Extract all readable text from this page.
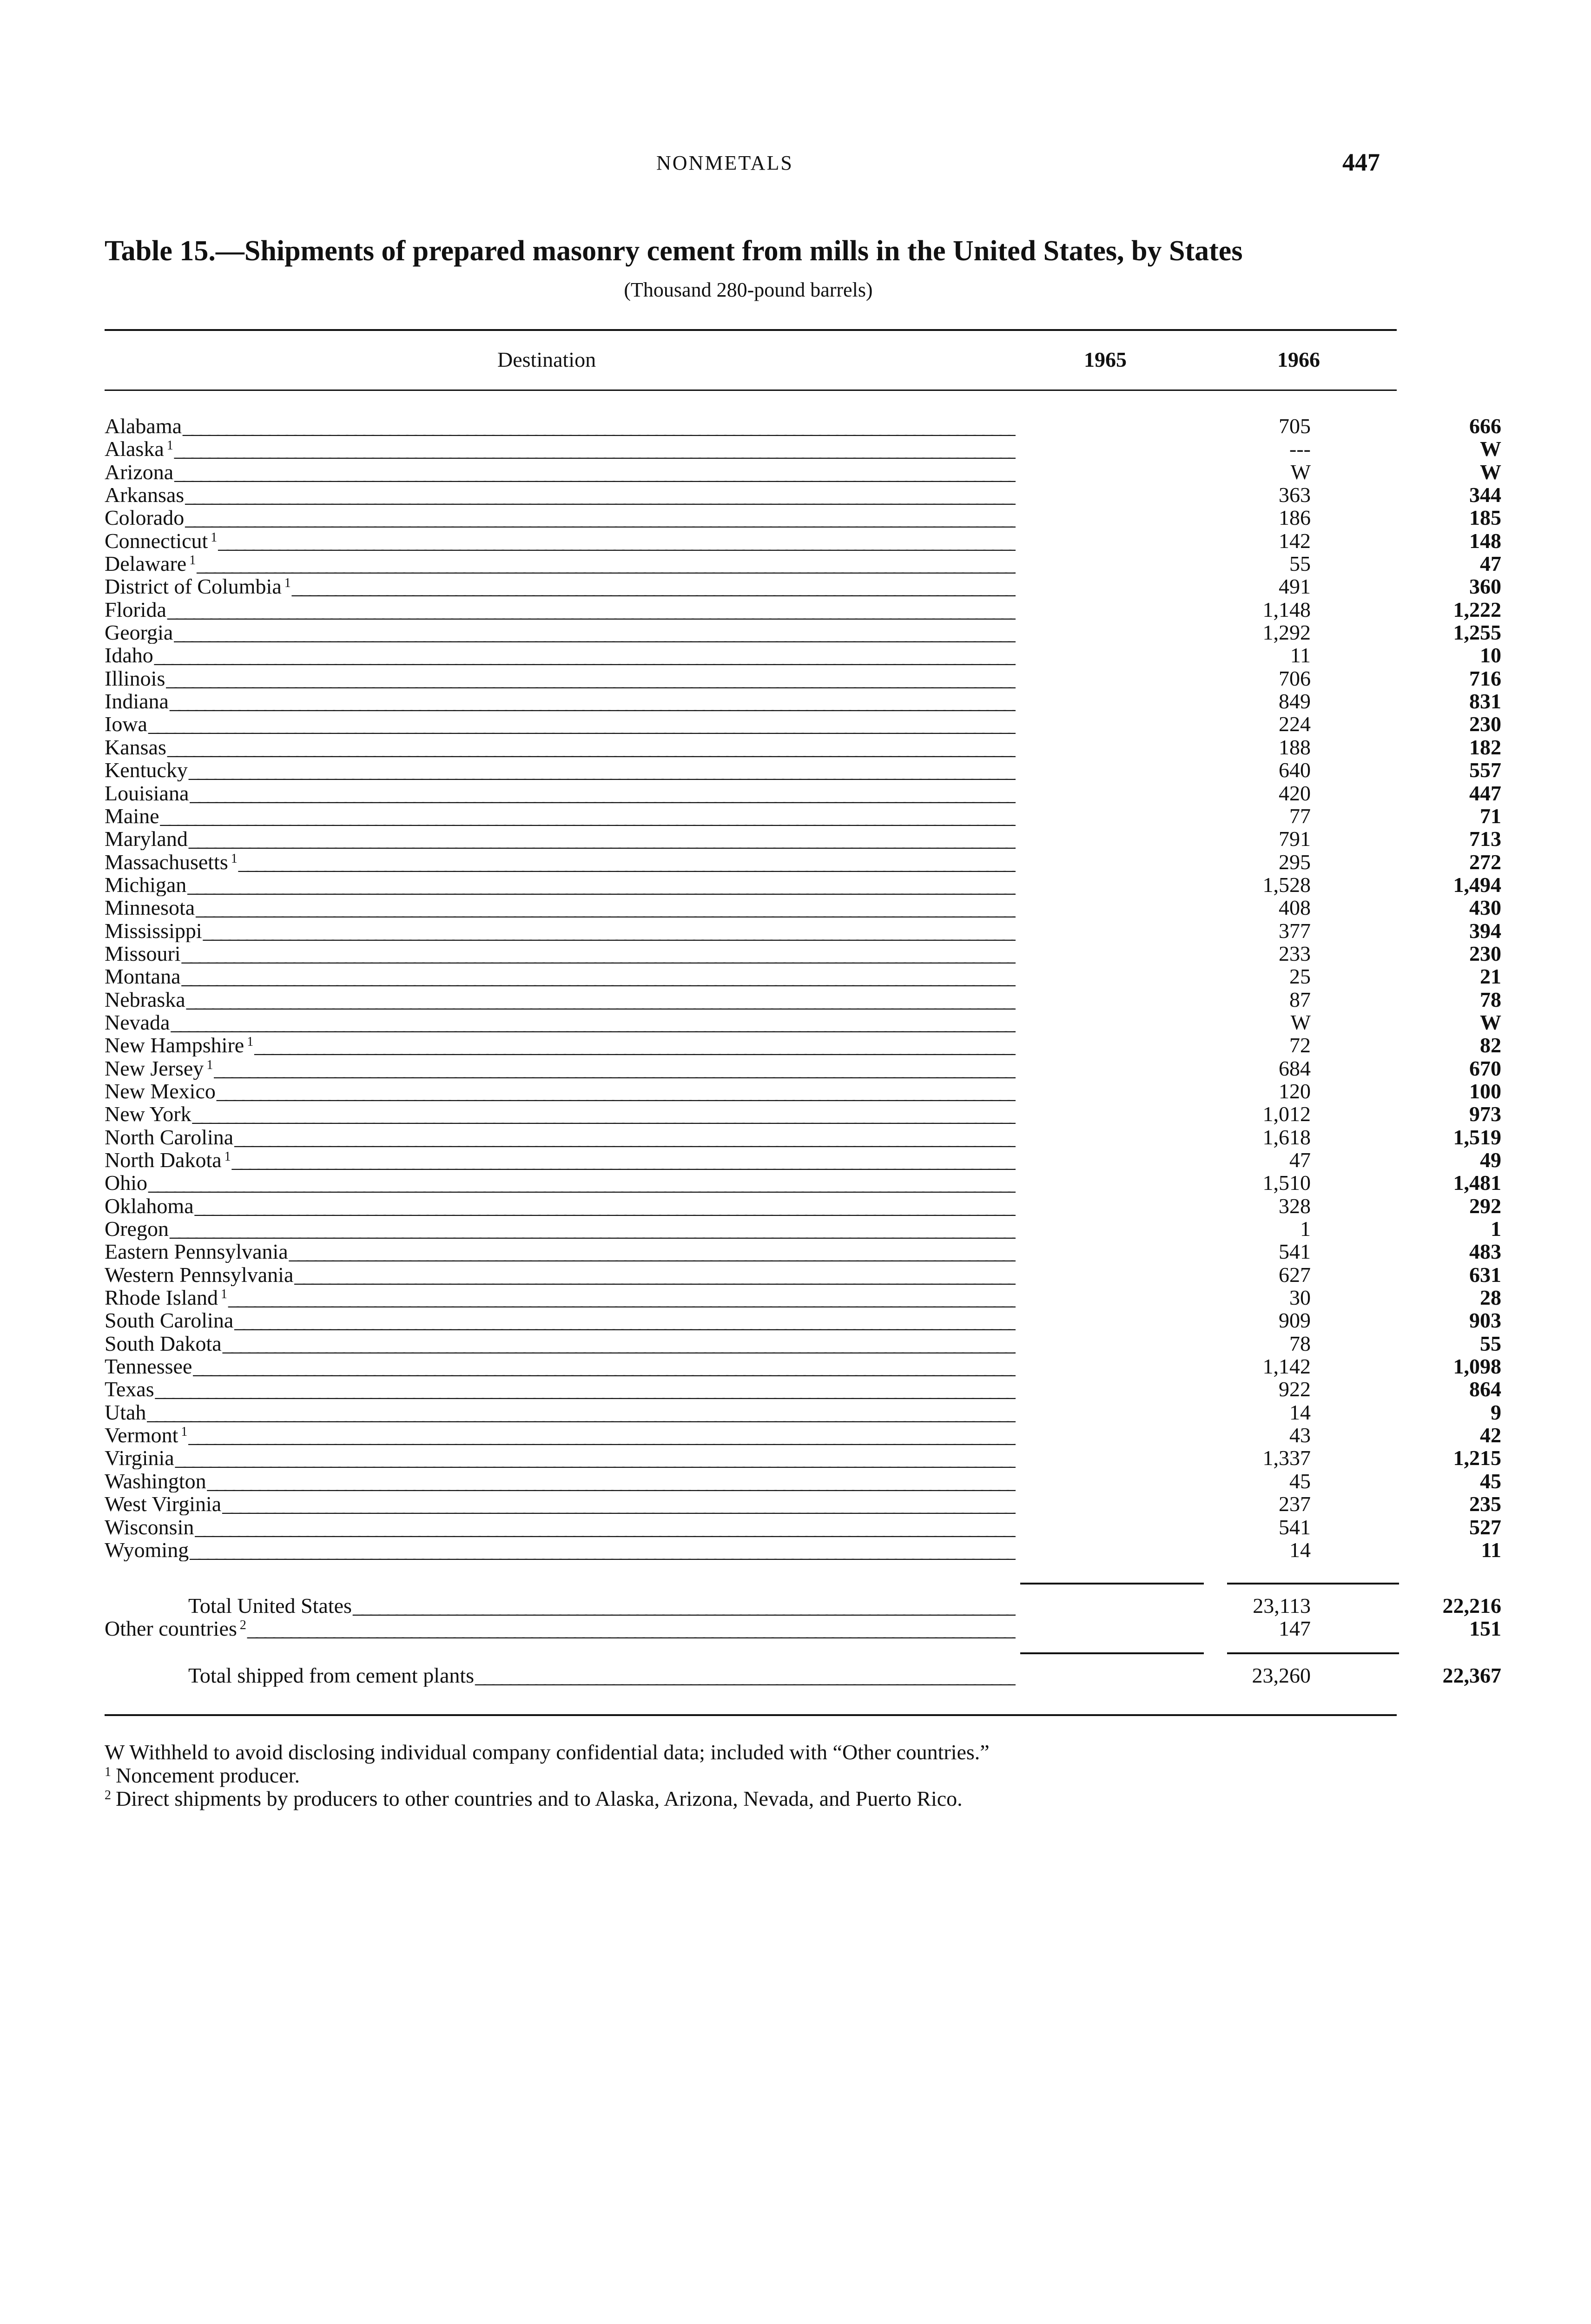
NONMETALS	447
Table 15.—Shipments of prepared masonry cement from mills in the United States, by States
(Thousand 280-pound barrels)
Destination	1965	1966
Alabama _ _ _	705	666
Alaska $^1$ _ _ _	---	W
Arizona _ _ _	W	W
Arkansas _ _ _	363	344
Colorado _ _ _	186	185
Connecticut $^1$ _ _ _	142	148
Delaware $^1$ _ _ _	55	47
District of Columbia $^1$ _ _ _	491	360
Florida _ _ _	1,148	1,222
Georgia _ _ _	1,292	1,255
Idaho _ _ _	11	10
Illinois _ _ _	706	716
Indiana _ _ _	849	831
Iowa _ _ _	224	230
Kansas _ _ _	188	182
Kentucky _ _ _	640	557
Louisiana _ _ _	420	447
Maine _ _ _	77	71
Maryland _ _ _	791	713
Massachusetts $^1$ _ _ _	295	272
Michigan _ _ _	1,528	1,494
Minnesota _ _ _	408	430
Mississippi _ _ _	377	394
Missouri _ _ _	233	230
Montana _ _ _	25	21
Nebraska _ _ _	87	78
Nevada _ _ _	W	W
New Hampshire $^1$ _ _ _	72	82
New Jersey $^1$ _ _ _	684	670
New Mexico _ _ _	120	100
New York _ _ _	1,012	973
North Carolina _ _ _	1,618	1,519
North Dakota $^1$ _ _ _	47	49
Ohio _ _ _	1,510	1,481
Oklahoma _ _ _	328	292
Oregon _ _ _	1	1
Eastern Pennsylvania _ _ _	541	483
Western Pennsylvania _ _ _	627	631
Rhode Island $^1$ _ _ _	30	28
South Carolina _ _ _	909	903
South Dakota _ _ _	78	55
Tennessee _ _ _	1,142	1,098
Texas _ _ _	922	864
Utah _ _ _	14	9
Vermont $^1$ _ _ _	43	42
Virginia _ _ _	1,337	1,215
Washington _ _ _	45	45
West Virginia _ _ _	237	235
Wisconsin _ _ _	541	527
Wyoming _ _ _	14	11
Total United States _ _ _	23,113	22,216
Other countries $^2$ _ _ _	147	151
Total shipped from cement plants _ _ _	23,260	22,367
W Withheld to avoid disclosing individual company confidential data; included with “Other countries.”
$^1$ Noncement producer.
$^2$ Direct shipments by producers to other countries and to Alaska, Arizona, Nevada, and Puerto Rico.
